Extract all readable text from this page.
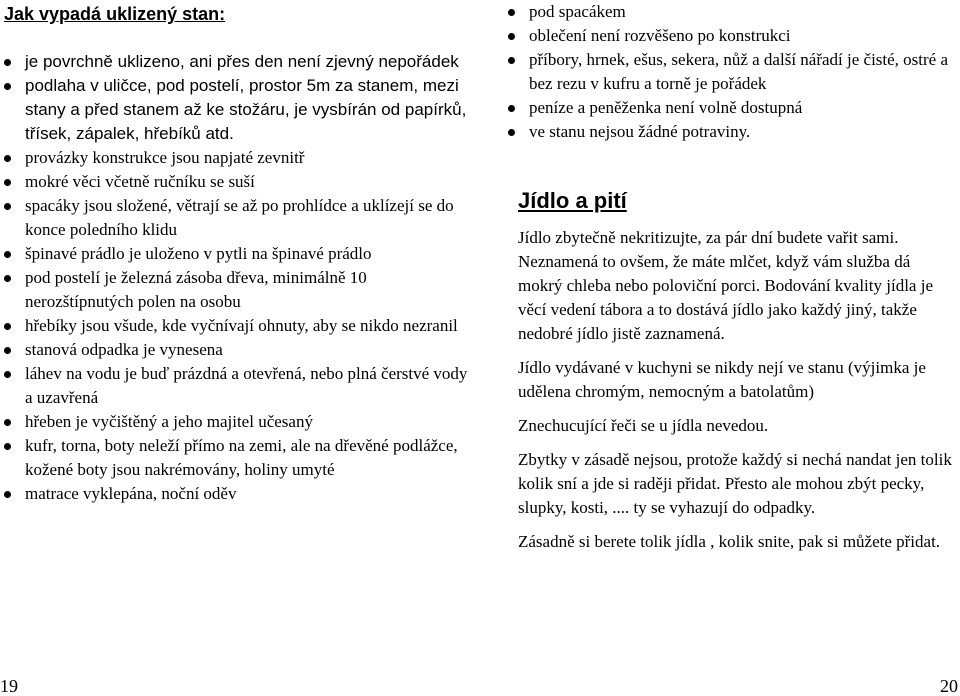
Jak vypadá uklizený stan:
je povrchně uklizeno, ani přes den není zjevný nepořádek
podlaha v uličce, pod postelí, prostor 5m za stanem, mezi stany a před stanem až ke stožáru, je vysbírán od papírků, třísek, zápalek, hřebíků atd.
provázky konstrukce jsou napjaté zevnitř
mokré věci včetně ručníku se suší
spacáky jsou složené, větrají se až po prohlídce a uklízejí se do konce poledního klidu
špinavé prádlo je uloženo v pytli na špinavé prádlo
pod postelí je železná zásoba dřeva, minimálně 10 nerozštípnutých polen na osobu
hřebíky jsou všude, kde vyčnívají ohnuty, aby se nikdo nezranil
stanová odpadka je vynesena
láhev na vodu je buď prázdná a otevřená, nebo plná čerstvé vody a uzavřená
hřeben je vyčištěný a jeho majitel učesaný
kufr, torna, boty neleží přímo na zemi, ale na dřevěné podlážce, kožené boty jsou nakrémovány, holiny umyté
matrace vyklepána, noční oděv
pod spacákem
oblečení není rozvěšeno po konstrukci
příbory, hrnek, ešus, sekera, nůž a další nářadí je čisté, ostré a bez rezu v kufru a torně je pořádek
peníze a peněženka není volně dostupná
ve stanu nejsou žádné potraviny.
Jídlo a pití

Jídlo zbytečně nekritizujte, za pár dní budete vařit sami. Neznamená to ovšem, že máte mlčet, když vám služba dá mokrý chleba nebo poloviční porci. Bodování kvality jídla je věcí vedení tábora a to dostává jídlo jako každý jiný, takže nedobré jídlo jistě zaznamená.

Jídlo vydávané v kuchyni se nikdy nejí ve stanu (výjimka je udělena chromým, nemocným a batolatům)

Znechucující řeči se u jídla nevedou.

Zbytky v zásadě nejsou, protože každý si nechá nandat jen tolik kolik sní a jde si raději přidat. Přesto ale mohou zbýt pecky, slupky, kosti, .... ty se vyhazují do odpadky.

Zásadně si berete tolik jídla , kolik snite, pak si můžete přidat.

19	20
